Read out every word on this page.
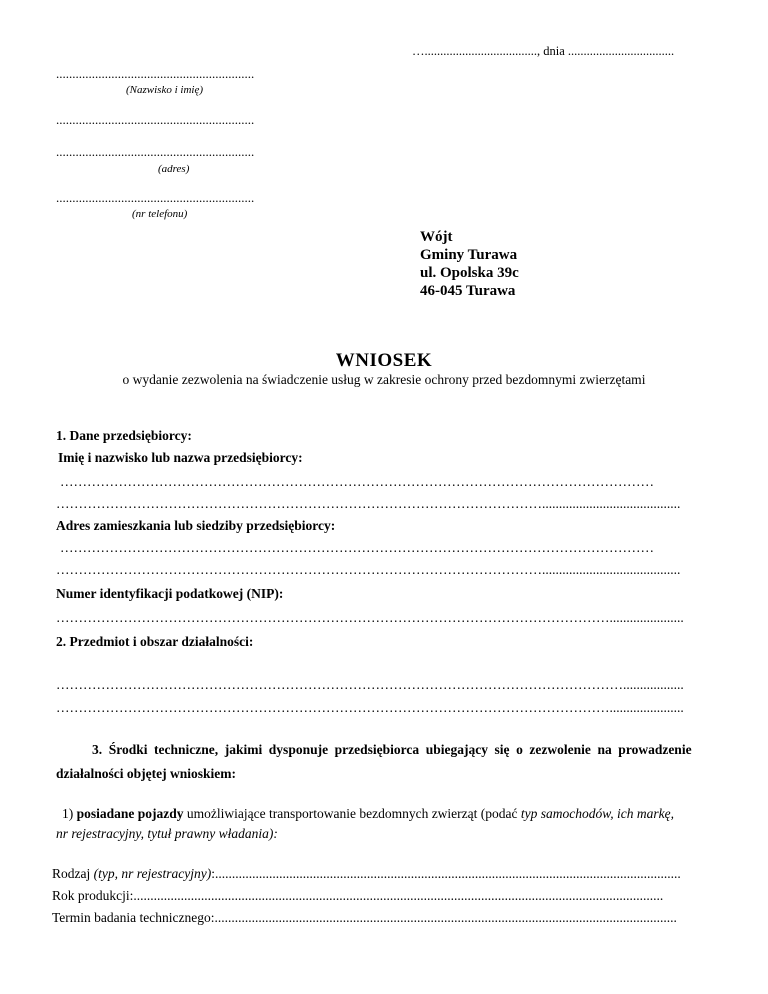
…...................................., dnia ..................................
.............................................................
(Nazwisko i imię)
.............................................................
.............................................................
(adres)
.............................................................
(nr telefonu)
Wójt
Gminy Turawa
ul. Opolska 39c
46-045 Turawa
WNIOSEK
o wydanie zezwolenia na świadczenie usług w zakresie ochrony przed bezdomnymi zwierzętami
1. Dane przedsiębiorcy:
Imię i nazwisko lub nazwa przedsiębiorcy:
……………………………………………………………………………………………………………………
……………………………………………………………………………………………….........................................
Adres zamieszkania lub siedziby przedsiębiorcy:
……………………………………………………………………………………………………………………
……………………………………………………………………………………………….........................................
Numer identyfikacji podatkowej (NIP):
……………………………………………………………………………………………………………......................
2. Przedmiot i obszar działalności:
………………………………………………………………………………………………………………..................
……………………………………………………………………………………………………………......................
3. Środki techniczne, jakimi dysponuje przedsiębiorca ubiegający się o zezwolenie na prowadzenie
działalności objętej wnioskiem:
1) posiadane pojazdy umożliwiające transportowanie bezdomnych zwierząt (podać typ samochodów, ich markę,
nr rejestracyjny, tytuł prawny władania):
Rodzaj (typ, nr rejestracyjny):..........................................................................................................................................
Rok produkcji:.............................................................................................................................................................
Termin badania technicznego:.........................................................................................................................................
